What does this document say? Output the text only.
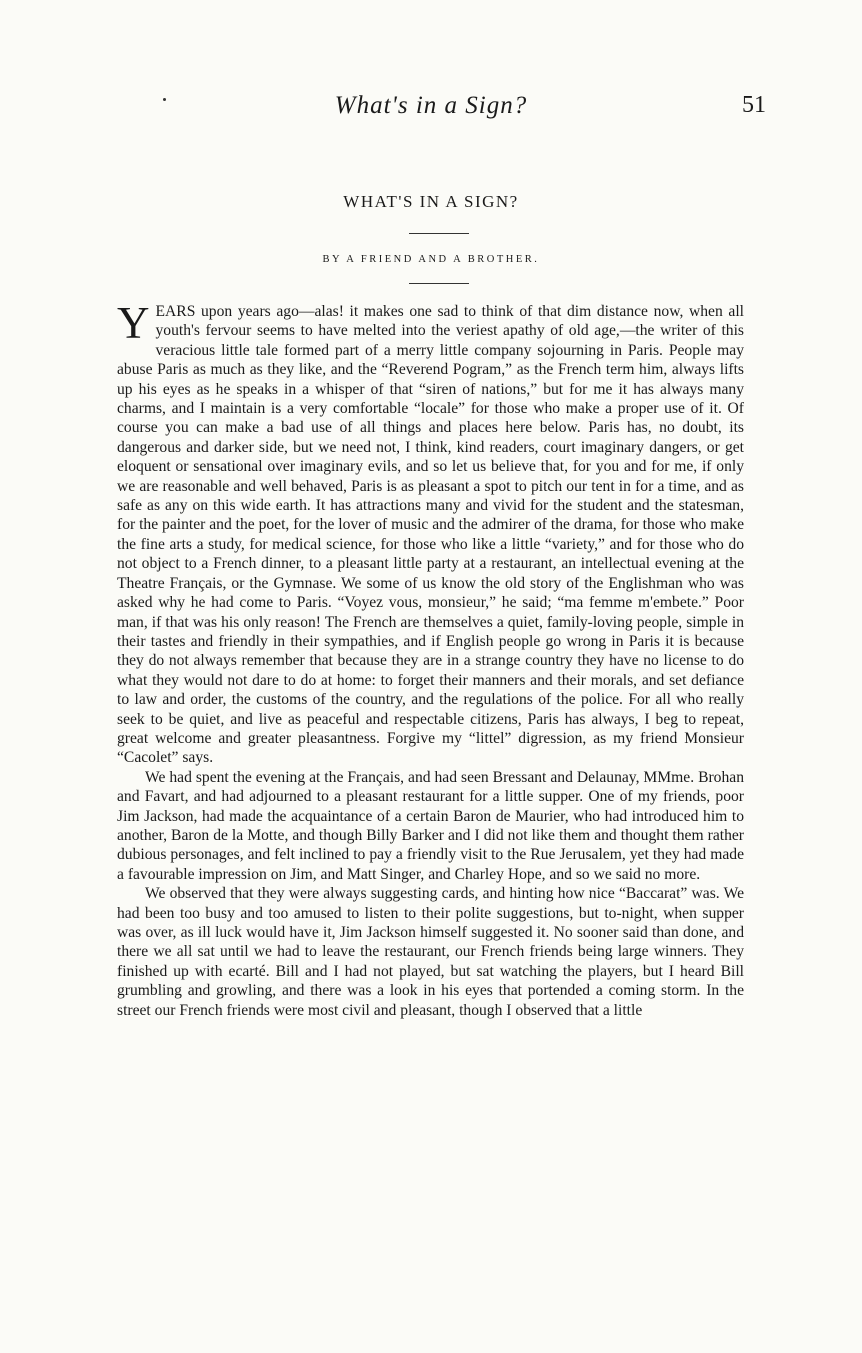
What's in a Sign?	51
WHAT'S IN A SIGN?
BY A FRIEND AND A BROTHER.

YEARS upon years ago—alas! it makes one sad to think of that dim distance now, when all youth's fervour seems to have melted into the veriest apathy of old age,—the writer of this veracious little tale formed part of a merry little company sojourning in Paris. People may abuse Paris as much as they like, and the “Reverend Pogram,” as the French term him, always lifts up his eyes as he speaks in a whisper of that “siren of nations,” but for me it has always many charms, and I maintain is a very comfortable “locale” for those who make a proper use of it. Of course you can make a bad use of all things and places here below. Paris has, no doubt, its dangerous and darker side, but we need not, I think, kind readers, court imaginary dangers, or get eloquent or sensational over imaginary evils, and so let us believe that, for you and for me, if only we are reasonable and well behaved, Paris is as pleasant a spot to pitch our tent in for a time, and as safe as any on this wide earth. It has attractions many and vivid for the student and the statesman, for the painter and the poet, for the lover of music and the admirer of the drama, for those who make the fine arts a study, for medical science, for those who like a little “variety,” and for those who do not object to a French dinner, to a pleasant little party at a restaurant, an intellectual evening at the Theatre Français, or the Gymnase. We some of us know the old story of the Englishman who was asked why he had come to Paris. “Voyez vous, monsieur,” he said; “ma femme m'embete.” Poor man, if that was his only reason! The French are themselves a quiet, family-loving people, simple in their tastes and friendly in their sympathies, and if English people go wrong in Paris it is because they do not always remember that because they are in a strange country they have no license to do what they would not dare to do at home: to forget their manners and their morals, and set defiance to law and order, the customs of the country, and the regulations of the police. For all who really seek to be quiet, and live as peaceful and respectable citizens, Paris has always, I beg to repeat, great welcome and greater pleasantness. Forgive my “littel” digression, as my friend Monsieur “Cacolet” says.

We had spent the evening at the Français, and had seen Bressant and Delaunay, MMme. Brohan and Favart, and had adjourned to a pleasant restaurant for a little supper. One of my friends, poor Jim Jackson, had made the acquaintance of a certain Baron de Maurier, who had introduced him to another, Baron de la Motte, and though Billy Barker and I did not like them and thought them rather dubious personages, and felt inclined to pay a friendly visit to the Rue Jerusalem, yet they had made a favourable impression on Jim, and Matt Singer, and Charley Hope, and so we said no more.

We observed that they were always suggesting cards, and hinting how nice “Baccarat” was. We had been too busy and too amused to listen to their polite suggestions, but to-night, when supper was over, as ill luck would have it, Jim Jackson himself suggested it. No sooner said than done, and there we all sat until we had to leave the restaurant, our French friends being large winners. They finished up with ecarté. Bill and I had not played, but sat watching the players, but I heard Bill grumbling and growling, and there was a look in his eyes that portended a coming storm. In the street our French friends were most civil and pleasant, though I observed that a little
